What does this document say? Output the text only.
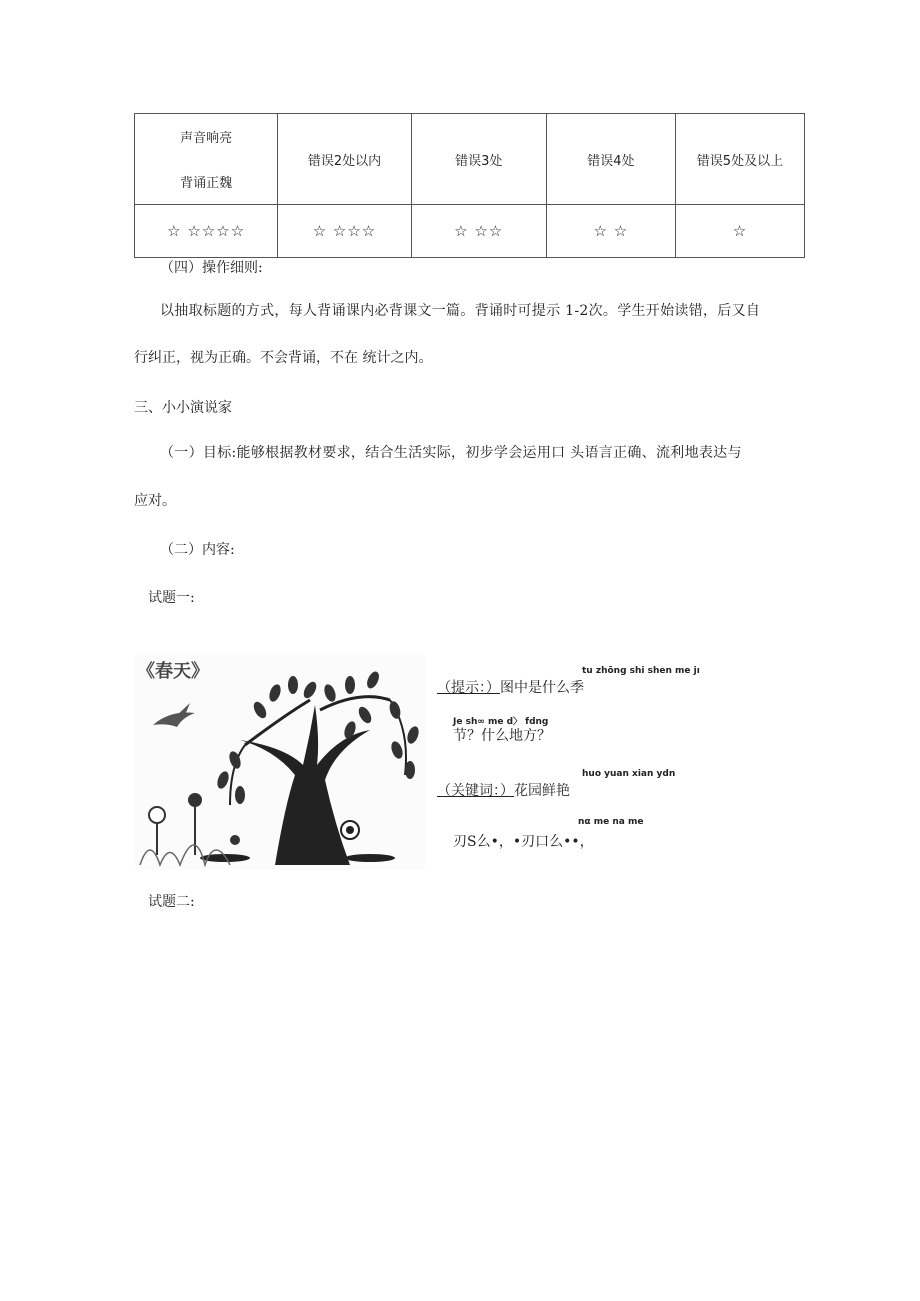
声音响亮
背诵正魏	错误2处以内	错误3处	错误4处	错误5处及以上
☆ ☆☆☆☆	☆ ☆☆☆	☆ ☆☆	☆ ☆	☆
（四）操作细则:
以抽取标题的方式，每人背诵课内必背课文一篇。背诵时可提示 1-2次。学生开始读错，后又自
行纠正，视为正确。不会背诵，不在 统计之内。
三、小小演说家
（一）目标:能够根据教材要求，结合生活实际，初步学会运用口 头语言正确、流利地表达与
应对。
（二）内容:
试题一:
《春天》	tu zhōng shi shen me jı
（提示：）图中是什么季
Je sh∞ me d〉 fdng
节？什么地方？
huo yuan xian ydn
（关键词：）花园鲜艳
nα me na me
刃S么•，•刃口么••，
试题二:
